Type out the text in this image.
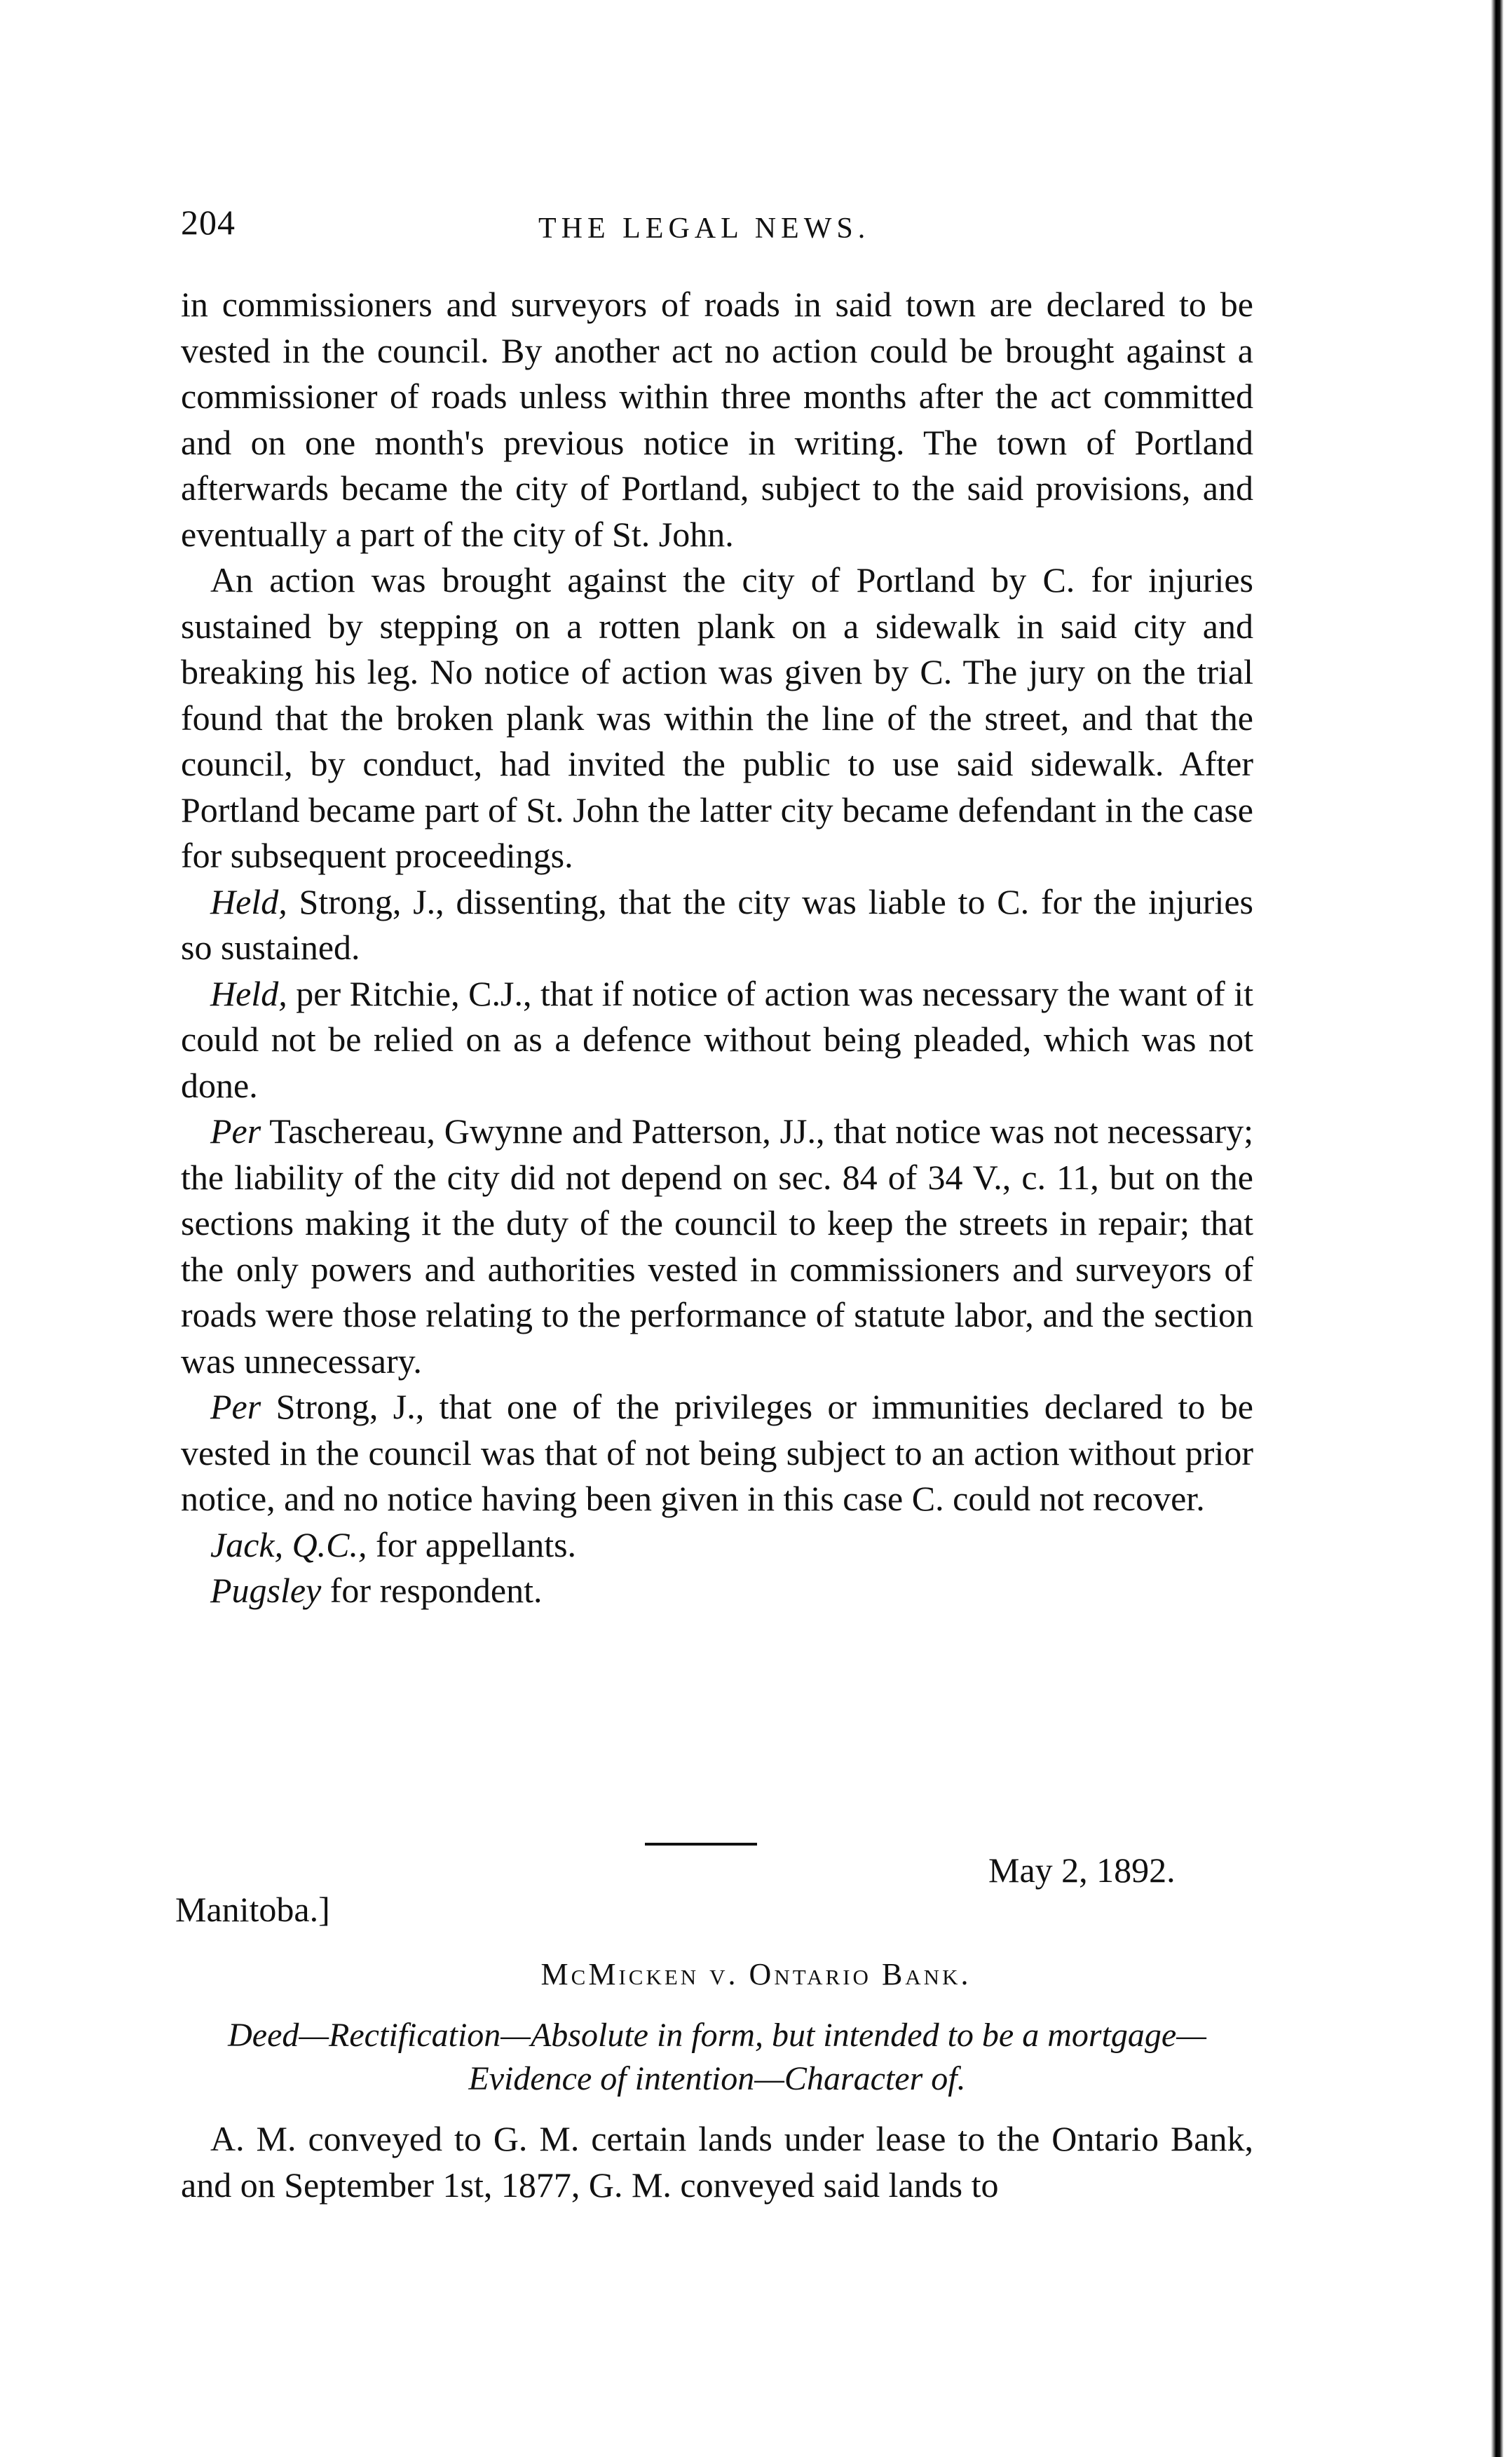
204	THE LEGAL NEWS.

in commissioners and surveyors of roads in said town are declared to be vested in the council. By another act no action could be brought against a commissioner of roads unless within three months after the act committed and on one month's previous notice in writing. The town of Portland afterwards became the city of Portland, subject to the said provisions, and eventually a part of the city of St. John.

An action was brought against the city of Portland by C. for injuries sustained by stepping on a rotten plank on a sidewalk in said city and breaking his leg. No notice of action was given by C. The jury on the trial found that the broken plank was within the line of the street, and that the council, by conduct, had invited the public to use said sidewalk. After Portland became part of St. John the latter city became defendant in the case for subsequent proceedings.

Held, Strong, J., dissenting, that the city was liable to C. for the injuries so sustained.

Held, per Ritchie, C.J., that if notice of action was necessary the want of it could not be relied on as a defence without being pleaded, which was not done.

Per Taschereau, Gwynne and Patterson, JJ., that notice was not necessary; the liability of the city did not depend on sec. 84 of 34 V., c. 11, but on the sections making it the duty of the council to keep the streets in repair; that the only powers and authorities vested in commissioners and surveyors of roads were those relating to the performance of statute labor, and the section was unnecessary.

Per Strong, J., that one of the privileges or immunities declared to be vested in the council was that of not being subject to an action without prior notice, and no notice having been given in this case C. could not recover.

Jack, Q.C., for appellants.

Pugsley for respondent.

May 2, 1892.
Manitoba.]
McMicken v. Ontario Bank.
Deed—Rectification—Absolute in form, but intended to be a mortgage—Evidence of intention—Character of.

A. M. conveyed to G. M. certain lands under lease to the Ontario Bank, and on September 1st, 1877, G. M. conveyed said lands to
